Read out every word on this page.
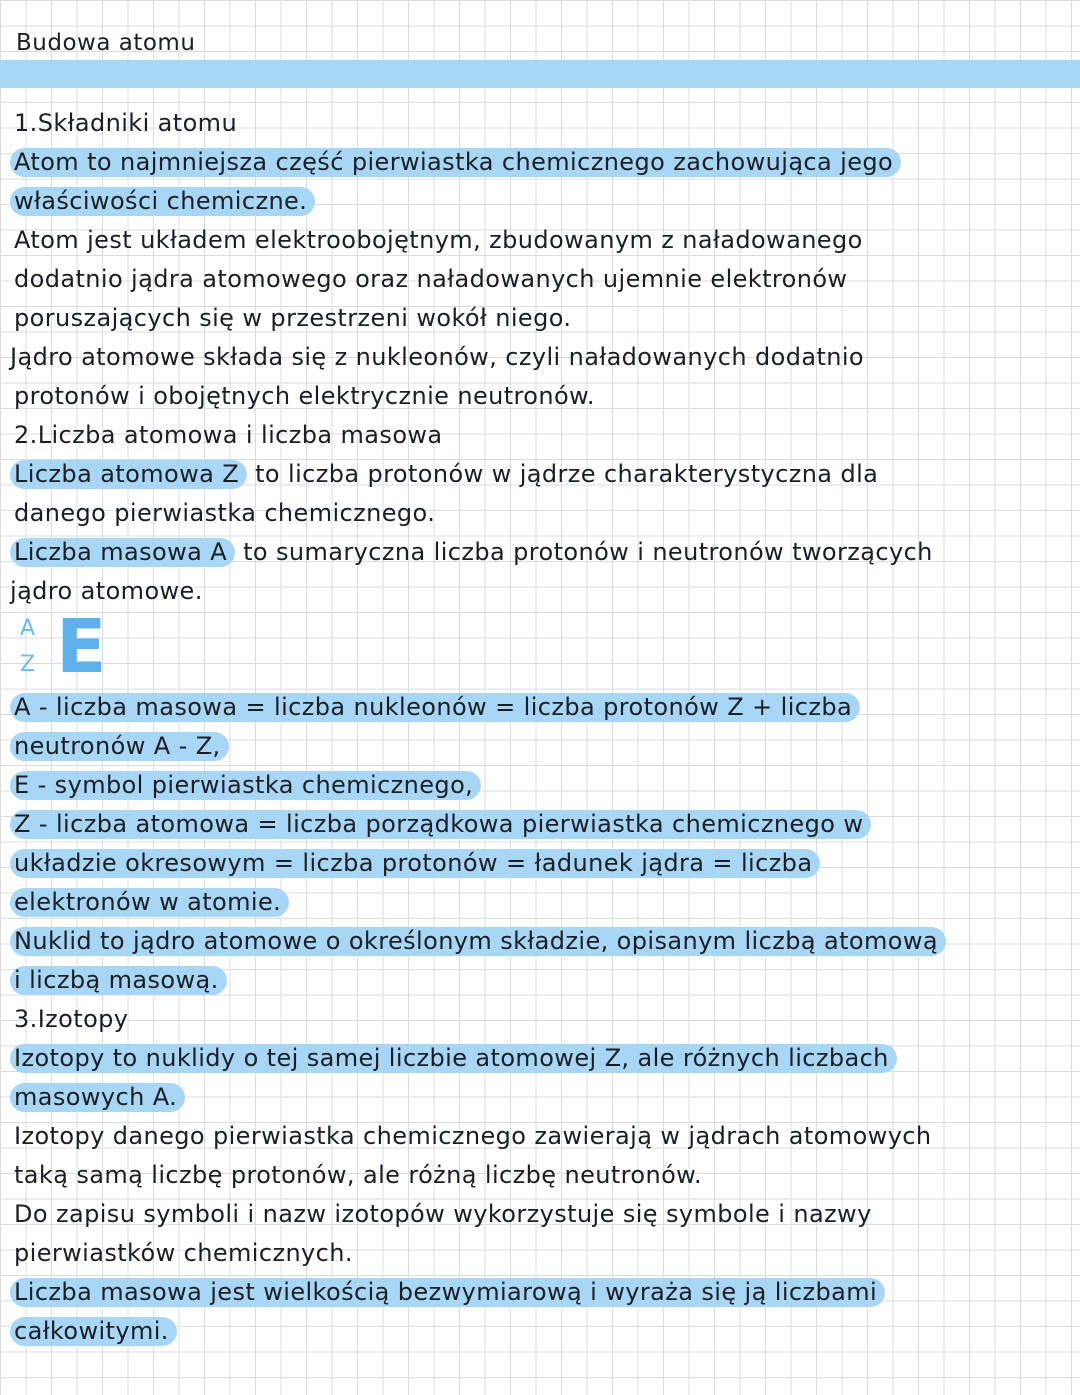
Budowa atomu
1.Składniki atomu
Atom to najmniejsza część pierwiastka chemicznego zachowująca jego
właściwości chemiczne.
Atom jest układem elektroobojętnym, zbudowanym z naładowanego
dodatnio jądra atomowego oraz naładowanych ujemnie elektronów
poruszających się w przestrzeni wokół niego.
Jądro atomowe składa się z nukleonów, czyli naładowanych dodatnio
protonów i obojętnych elektrycznie neutronów.
2.Liczba atomowa i liczba masowa
Liczba atomowa Z to liczba protonów w jądrze charakterystyczna dla
danego pierwiastka chemicznego.
Liczba masowa A to sumaryczna liczba protonów i neutronów tworzących
jądro atomowe.
A
Z E
A - liczba masowa = liczba nukleonów = liczba protonów Z + liczba
neutronów A - Z,
E - symbol pierwiastka chemicznego,
Z - liczba atomowa = liczba porządkowa pierwiastka chemicznego w
układzie okresowym = liczba protonów = ładunek jądra = liczba
elektronów w atomie.
Nuklid to jądro atomowe o określonym składzie, opisanym liczbą atomową
i liczbą masową.
3.Izotopy
Izotopy to nuklidy o tej samej liczbie atomowej Z, ale różnych liczbach
masowych A.
Izotopy danego pierwiastka chemicznego zawierają w jądrach atomowych
taką samą liczbę protonów, ale różną liczbę neutronów.
Do zapisu symboli i nazw izotopów wykorzystuje się symbole i nazwy
pierwiastków chemicznych.
Liczba masowa jest wielkością bezwymiarową i wyraża się ją liczbami
całkowitymi.
